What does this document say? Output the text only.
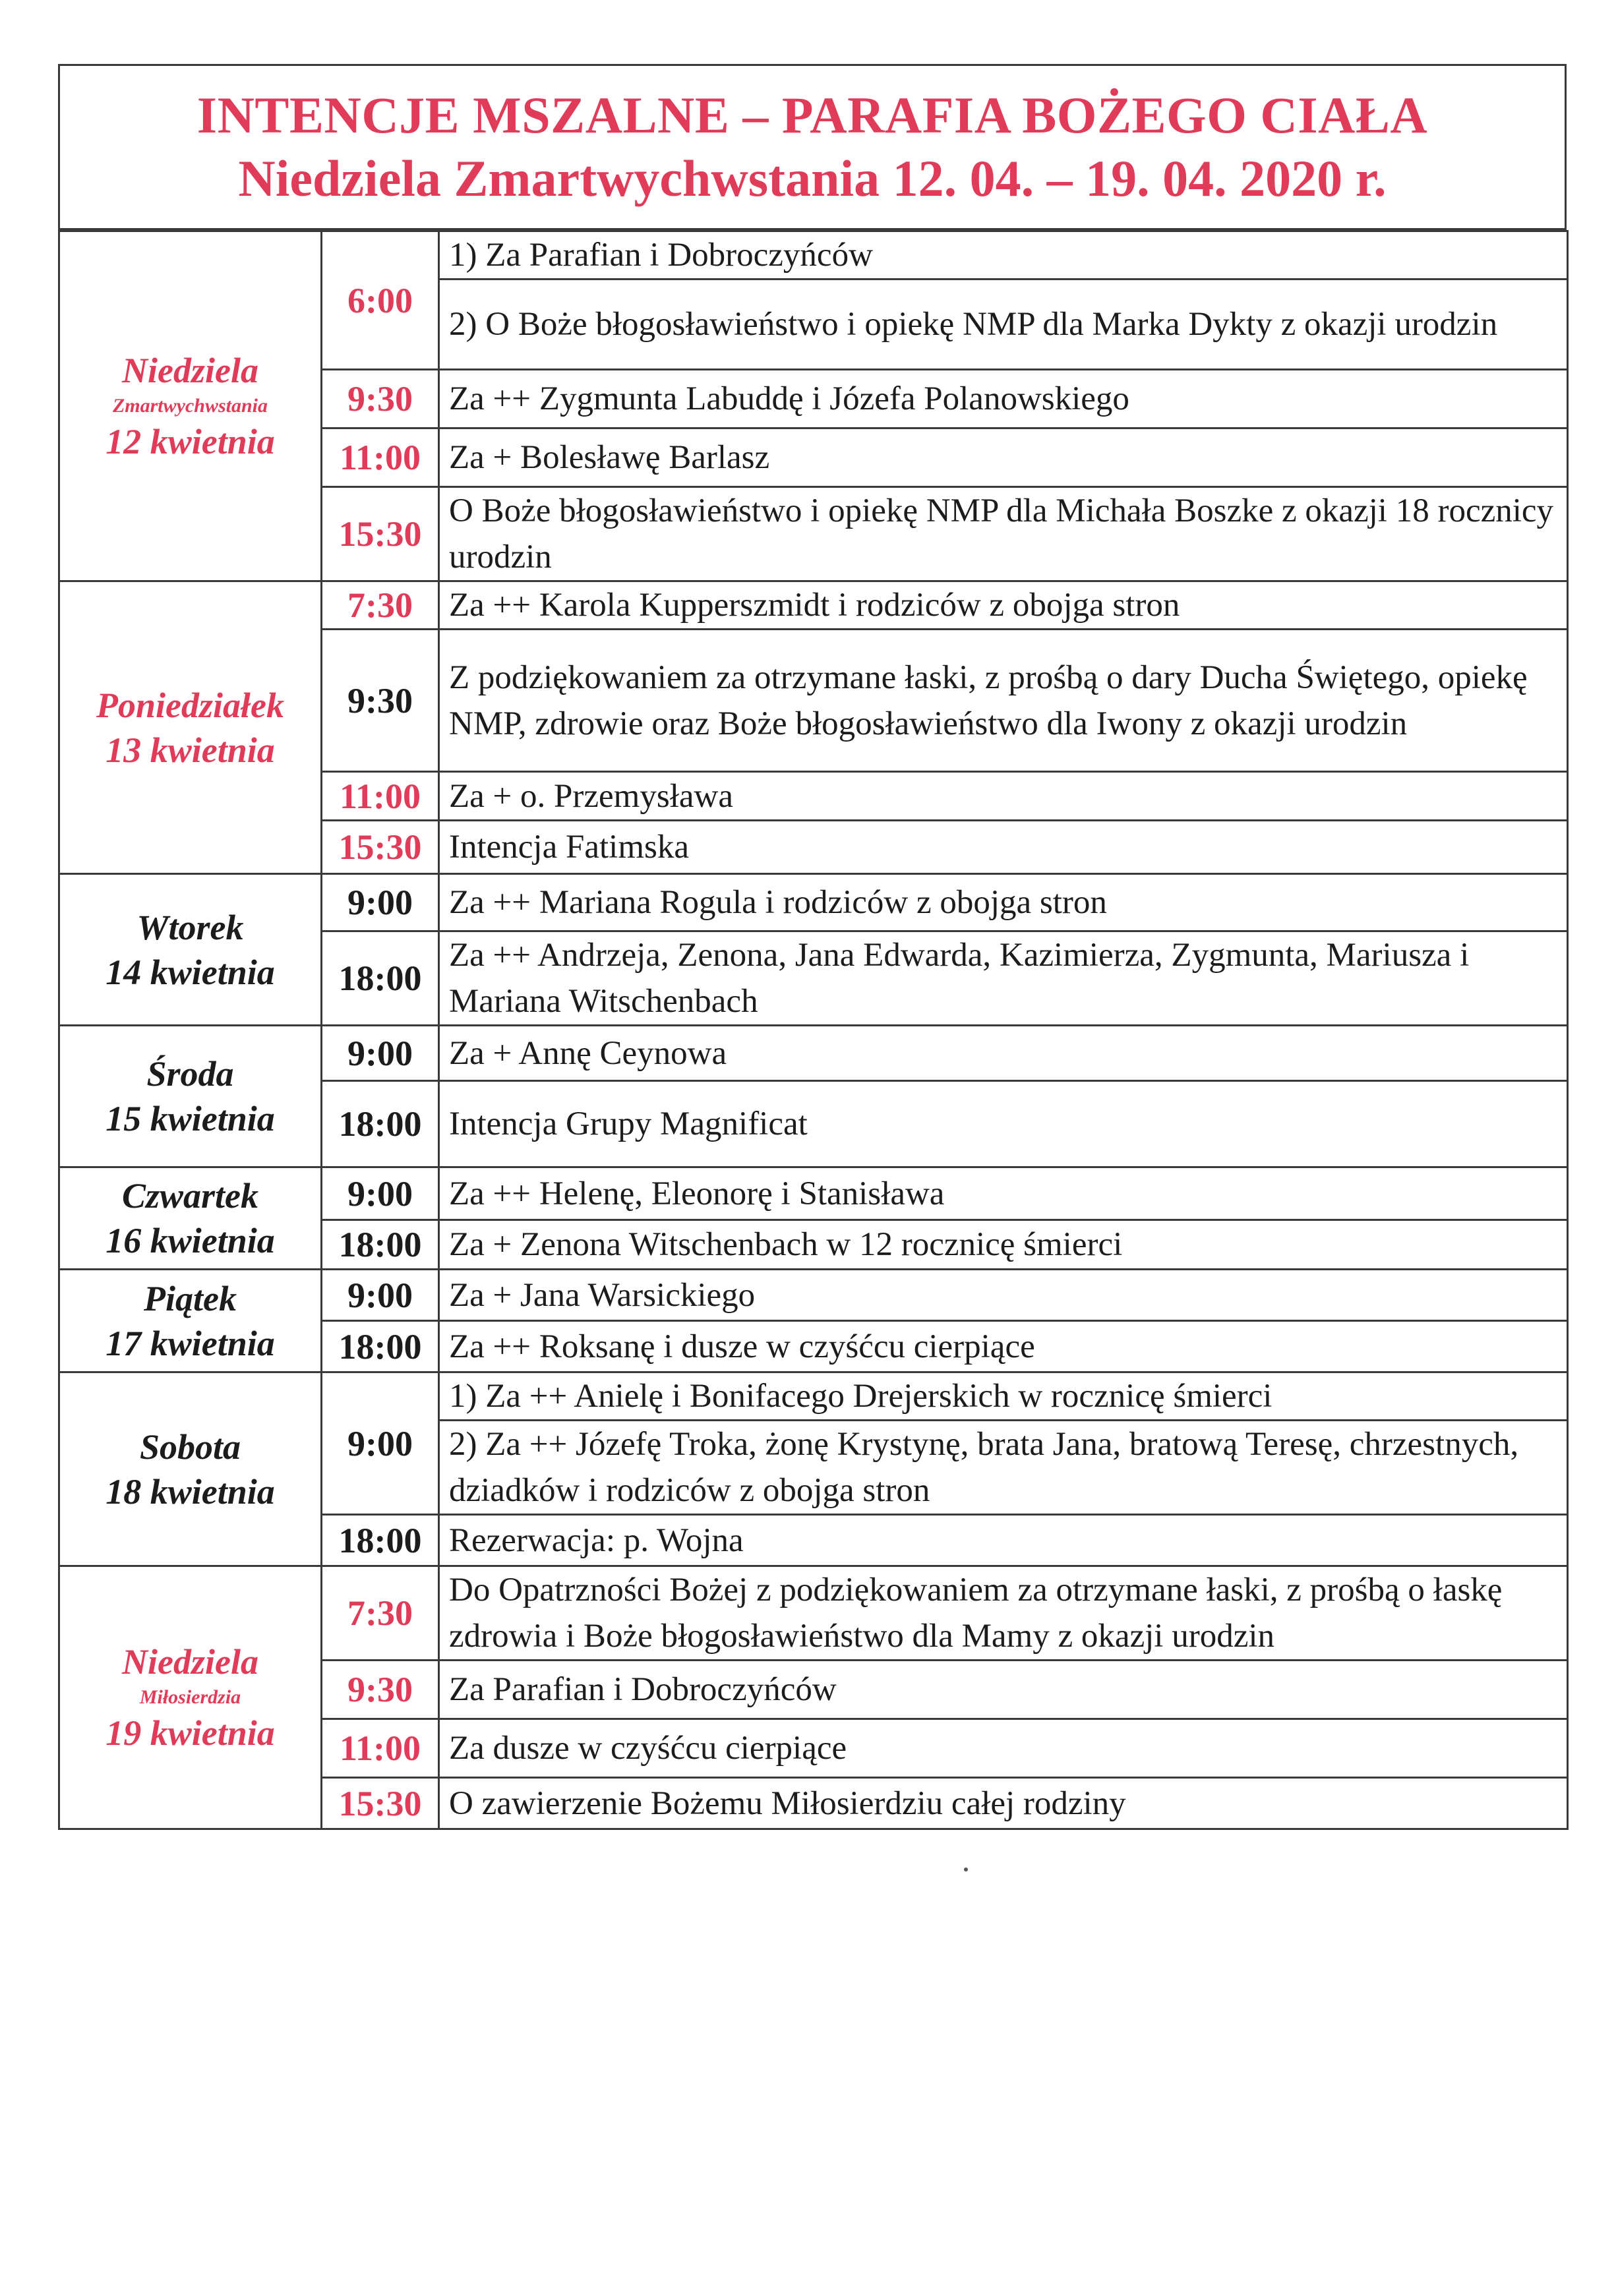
INTENCJE MSZALNE – PARAFIA BOŻEGO CIAŁA
Niedziela Zmartwychwstania 12. 04. – 19. 04. 2020 r.
Niedziela
Zmartwychwstania
12 kwietnia	6:00	1) Za Parafian i Dobroczyńców
		2) O Boże błogosławieństwo i opiekę NMP dla Marka Dykty z okazji urodzin
	9:30	Za ++ Zygmunta Labuddę i Józefa Polanowskiego
	11:00	Za + Bolesławę Barlasz
	15:30	O Boże błogosławieństwo i opiekę NMP dla Michała Boszke z okazji 18 rocznicy urodzin

Poniedziałek
13 kwietnia	7:30	Za ++ Karola Kupperszmidt i rodziców z obojga stron
	9:30	Z podziękowaniem za otrzymane łaski, z prośbą o dary Ducha Świętego, opiekę NMP, zdrowie oraz Boże błogosławieństwo dla Iwony z okazji urodzin
	11:00	Za + o. Przemysława
	15:30	Intencja Fatimska
Wtorek
14 kwietnia	9:00	Za ++ Mariana Rogula i rodziców z obojga stron
	18:00	Za ++ Andrzeja, Zenona, Jana Edwarda, Kazimierza, Zygmunta, Mariusza i Mariana Witschenbach
Środa
15 kwietnia	9:00	Za + Annę Ceynowa
	18:00	Intencja Grupy Magnificat
Czwartek
16 kwietnia	9:00	Za ++ Helenę, Eleonorę i Stanisława
	18:00	Za + Zenona Witschenbach w 12 rocznicę śmierci
Piątek
17 kwietnia	9:00	Za + Jana Warsickiego
	18:00	Za ++ Roksanę i dusze w czyśćcu cierpiące
Sobota
18 kwietnia	9:00	1) Za ++ Anielę i Bonifacego Drejerskich w rocznicę śmierci
		2) Za ++ Józefę Troka, żonę Krystynę, brata Jana, bratową Teresę, chrzestnych, dziadków i rodziców z obojga stron
	18:00	Rezerwacja: p. Wojna
Niedziela
Miłosierdzia
19 kwietnia	7:30	Do Opatrzności Bożej z podziękowaniem za otrzymane łaski, z prośbą o łaskę zdrowia i Boże błogosławieństwo dla Mamy z okazji urodzin
	9:30	Za Parafian i Dobroczyńców
	11:00	Za dusze w czyśćcu cierpiące
	15:30	O zawierzenie Bożemu Miłosierdziu całej rodziny
